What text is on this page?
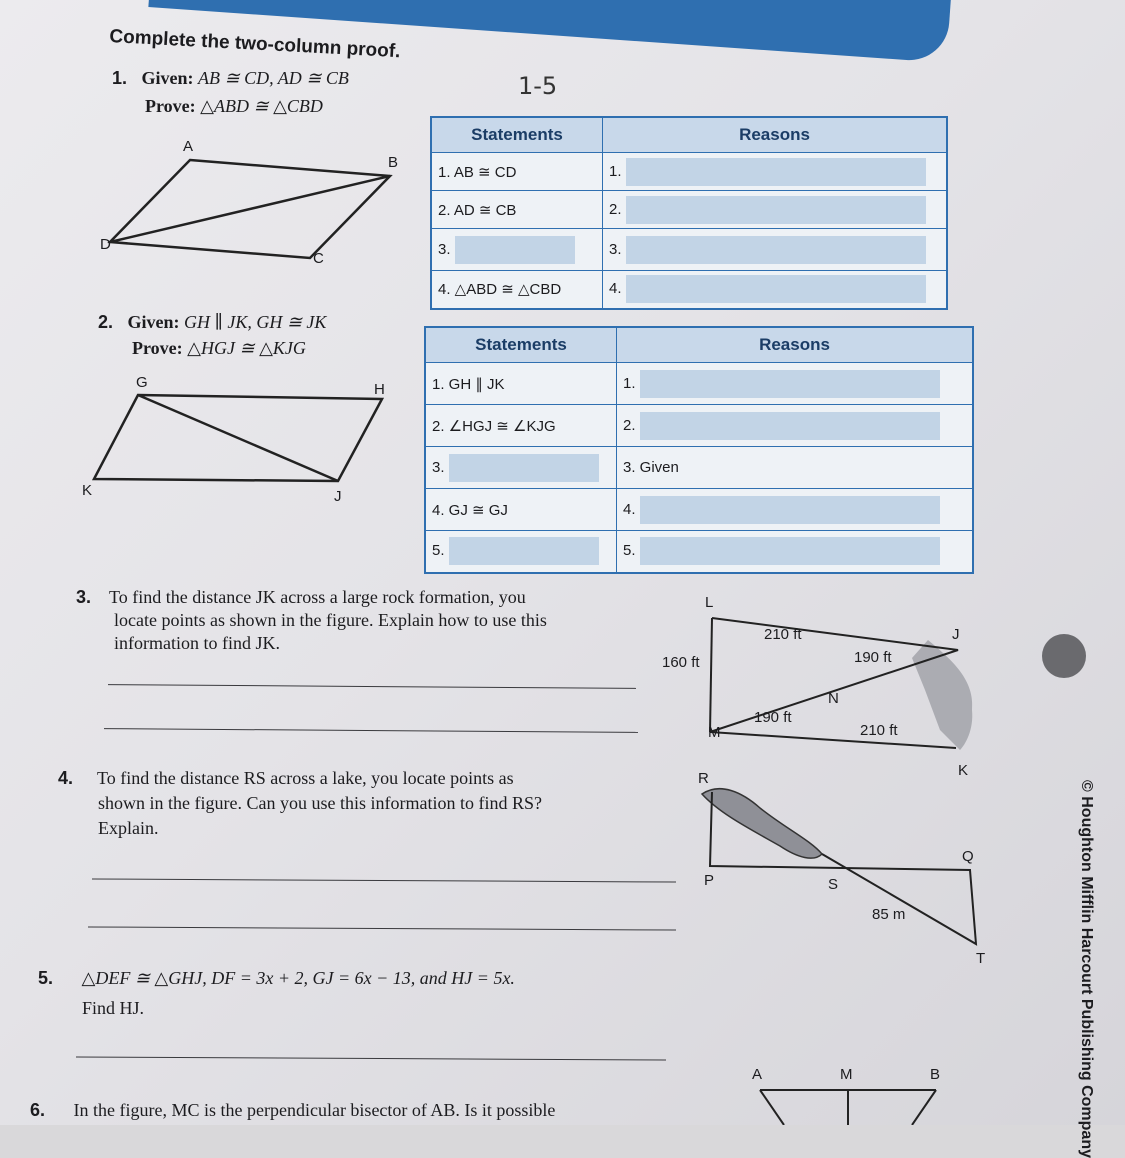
Complete the two-column proof.
1-5
1. Given: AB ≅ CD, AD ≅ CB
Prove: △ABD ≅ △CBD
A
B
C
D
Statements	Reasons
1. AB ≅ CD	1.
2. AD ≅ CB	2.
3.	3.
4. △ABD ≅ △CBD	4.
2. Given: GH ∥ JK, GH ≅ JK
Prove: △HGJ ≅ △KJG
G	H
K	J
Statements	Reasons
1. GH ∥ JK	1.
2. ∠HGJ ≅ ∠KJG	2.
3.	3. Given
4. GJ ≅ GJ	4.
5.	5.
3. To find the distance JK across a large rock formation, you
locate points as shown in the figure. Explain how to use this
information to find JK.
L
J
N
M
K
210 ft
160 ft	190 ft
190 ft
210 ft
4. To find the distance RS across a lake, you locate points as
shown in the figure. Can you use this information to find RS?
Explain.
R
Q
P	S
T
85 m
5. △DEF ≅ △GHJ, DF = 3x + 2, GJ = 6x − 13, and HJ = 5x.
Find HJ.
6. In the figure, MC is the perpendicular bisector of AB. Is it possible
A	M	B	© Houghton Mifflin Harcourt Publishing Company
